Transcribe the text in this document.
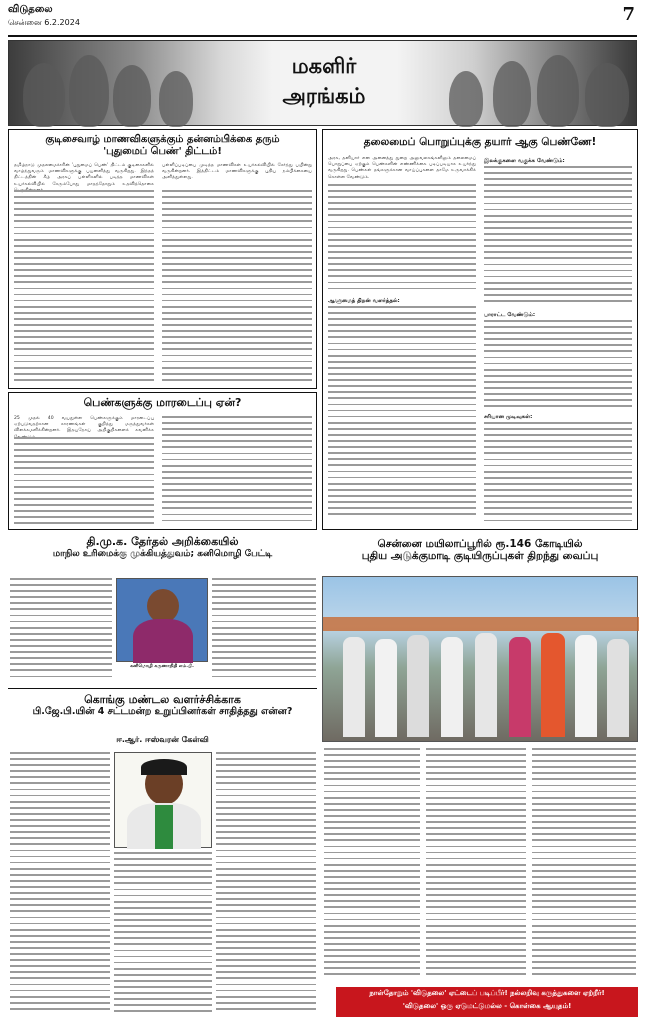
விடுதலை
சென்னை 6.2.2024	7
மகளிர்
அரங்கம்
குடிசைவாழ் மாணவிகளுக்கும் தன்னம்பிக்கை தரும்
'புதுமைப் பெண்' திட்டம்!
தமிழ்நாடு முதலமைச்சரின் 'புதுமைப் பெண்' திட்டம் குடிசைகளில் வாழ்ந்துவரும் மாணவிகளுக்கு பயனளித்து வருகிறது. இந்தத் திட்டத்தின் கீழ் அரசுப் பள்ளிகளில் படித்த மாணவிகள் உயர்கல்வியில் சேரும்போது மாதந்தோறும் உதவித்தொகை
பள்ளிப்படிப்பை முடித்த மாணவிகள் உயர்கல்வியில் சேர்ந்து பயின்று வருகின்றனர். இத்திட்டம் மாணவிகளுக்கு புதிய நம்பிக்கையை அளித்துள்ளது.
பெண்களுக்கு மாரடைப்பு ஏன்?
25 முதல் 40 வயதுள்ள பெண்களுக்கும் மாரடைப்பு ஏற்படுவதற்கான காரணங்கள் குறித்து மருத்துவர்கள் விளக்கமளிக்கின்றனர். இதயநோய் அறிகுறிகளைக் கவனிக்க
தலைமைப் பொறுப்புக்கு தயார் ஆகு பெண்ணே!
அரசு, தனியார் என அனைத்து துறை அலுவலகங்களிலும் தலைமைப் பொறுப்பை ஏற்கும் பெண்களின் எண்ணிக்கை படிப்படியாக உயர்ந்து வருகிறது. பெண்கள் தங்களுக்கான வாய்ப்புகளை தாமே உருவாக்கிக் கொள்ள வேண்டும்.
ஆளுமைத் திறன் வளர்த்தல்:
இலக்குகளை வகுக்க வேண்டும்:
பாராட்ட வேண்டும்:
சரியான முடிவுகள்:
தி.மு.க. தேர்தல் அறிக்கையில்
மாநில உரிமைக்கு முக்கியத்துவம்; கனிமொழி பேட்டி
கனிமொழி கருணாநிதி எம்.பி.
சென்னை மயிலாப்பூரில் ரூ.146 கோடியில்
புதிய அடுக்குமாடி குடியிருப்புகள் திறந்து வைப்பு
கொங்கு மண்டல வளர்ச்சிக்காக
பி.ஜே.பி.யின் 4 சட்டமன்ற உறுப்பினர்கள் சாதித்தது என்ன?
ஈ.ஆர். ஈஸ்வரன் கேள்வி
நாள்தோறும் 'விடுதலை' ஏட்டைப் படிப்பீர்! நல்லறிவு கருத்துகளை ஏற்றீர்!
'விடுதலை' ஒரு ஏடுமட்டுமல்ல - கொள்கை ஆயுதம்!
